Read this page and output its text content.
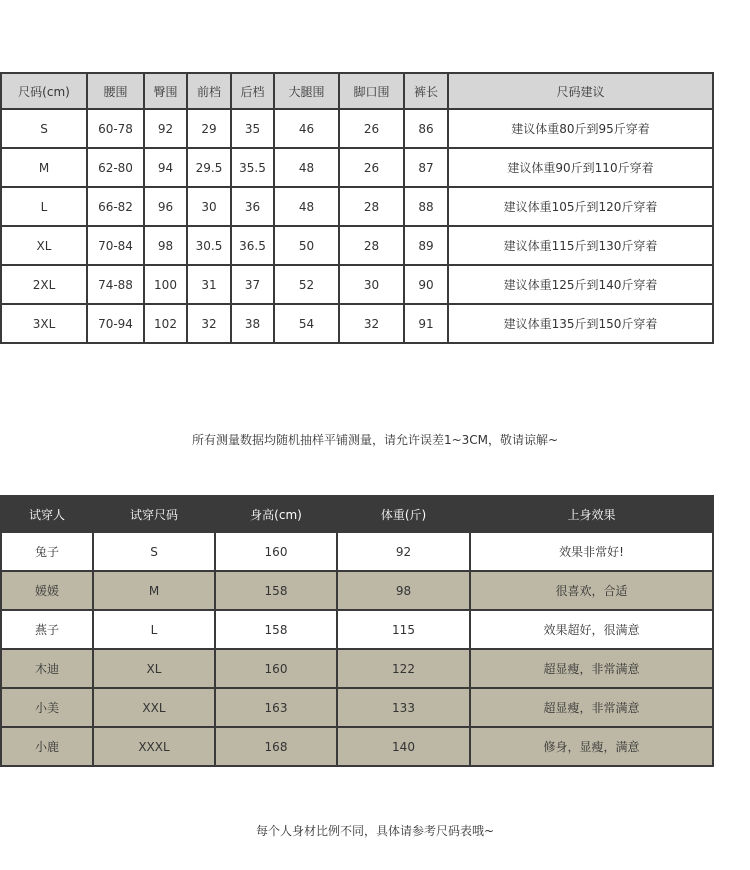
尺码(cm)	腰围	臀围	前档	后档	大腿围	脚口围	裤长	尺码建议
S	60-78	92	29	35	46	26	86	建议体重80斤到95斤穿着
M	62-80	94	29.5	35.5	48	26	87	建议体重90斤到110斤穿着
L	66-82	96	30	36	48	28	88	建议体重105斤到120斤穿着
XL	70-84	98	30.5	36.5	50	28	89	建议体重115斤到130斤穿着
2XL	74-88	100	31	37	52	30	90	建议体重125斤到140斤穿着
3XL	70-94	102	32	38	54	32	91	建议体重135斤到150斤穿着
所有测量数据均随机抽样平铺测量，请允许误差1~3CM，敬请谅解~
试穿人	试穿尺码	身高(cm)	体重(斤)	上身效果
兔子	S	160	92	效果非常好!
媛媛	M	158	98	很喜欢，合适
燕子	L	158	115	效果超好，很满意
木迪	XL	160	122	超显瘦，非常满意
小美	XXL	163	133	超显瘦，非常满意
小鹿	XXXL	168	140	修身，显瘦，满意
每个人身材比例不同，具体请参考尺码表哦~
